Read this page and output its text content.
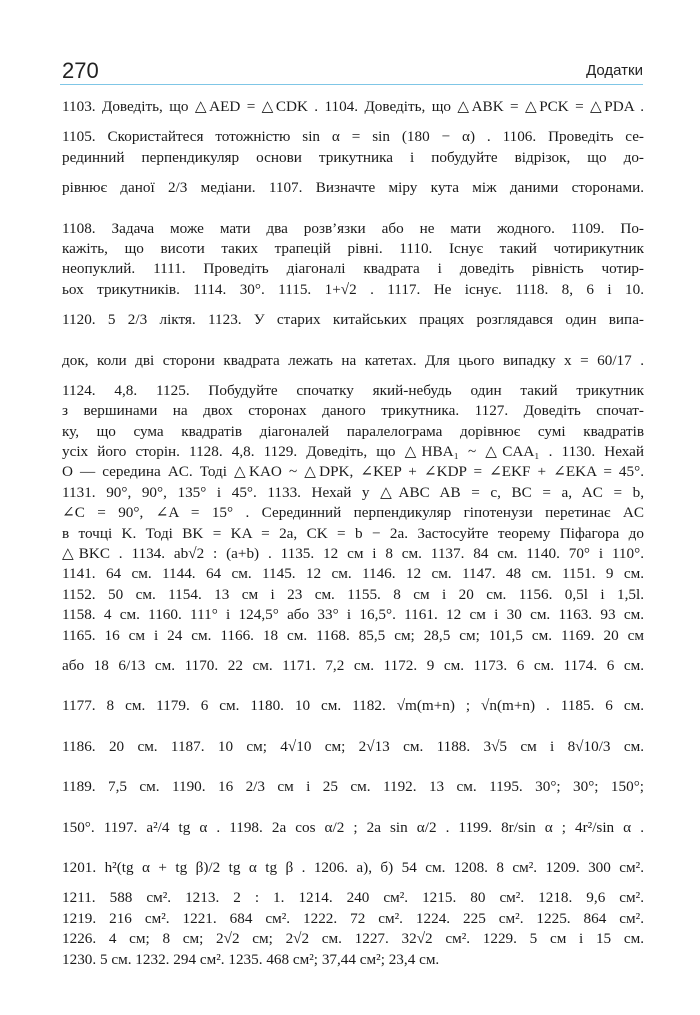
270	Додатки
1103. Доведіть, що △AED = △CDK . 1104. Доведіть, що △ABK = △PCK = △PDA .
1105. Скористайтеся тотожністю sin α = sin (180 − α) . 1106. Проведіть се-
рединний перпендикуляр основи трикутника і побудуйте відрізок, що до-
рівнює даної 2/3 медіани. 1107. Визначте міру кута між даними сторонами.
1108. Задача може мати два розв’язки або не мати жодного. 1109. По-
кажіть, що висоти таких трапецій рівні. 1110. Існує такий чотирикутник
неопуклий. 1111. Проведіть діагоналі квадрата і доведіть рівність чотир-
ьох трикутників. 1114. 30°. 1115. 1+√2 . 1117. Не існує. 1118. 8, 6 і 10.
1120. 5 2/3 ліктя. 1123. У старих китайських працях розглядався один випа-
док, коли дві сторони квадрата лежать на катетах. Для цього випадку x = 60/17 .
1124. 4,8. 1125. Побудуйте спочатку який-небудь один такий трикутник
з вершинами на двох сторонах даного трикутника. 1127. Доведіть спочат-
ку, що сума квадратів діагоналей паралелограма дорівнює сумі квадратів
усіх його сторін. 1128. 4,8. 1129. Доведіть, що △HBA₁ ~ △CAA₁ . 1130. Нехай
O — середина AC. Тоді △KAO ~ △DPK, ∠KEP + ∠KDP = ∠EKF + ∠EKA = 45°.
1131. 90°, 90°, 135° і 45°. 1133. Нехай у △ABC AB = c, BC = a, AC = b,
∠C = 90°, ∠A = 15° . Серединний перпендикуляр гіпотенузи перетинає AC
в точці K. Тоді BK = KA = 2a, CK = b − 2a. Застосуйте теорему Піфагора до
△BKC . 1134. ab√2 : (a+b) . 1135. 12 см і 8 см. 1137. 84 см. 1140. 70° і 110°.
1141. 64 см. 1144. 64 см. 1145. 12 см. 1146. 12 см. 1147. 48 см. 1151. 9 см.
1152. 50 см. 1154. 13 см і 23 см. 1155. 8 см і 20 см. 1156. 0,5l і 1,5l.
1158. 4 см. 1160. 111° і 124,5° або 33° і 16,5°. 1161. 12 см і 30 см. 1163. 93 см.
1165. 16 см і 24 см. 1166. 18 см. 1168. 85,5 см; 28,5 см; 101,5 см. 1169. 20 см
або 18 6/13 см. 1170. 22 см. 1171. 7,2 см. 1172. 9 см. 1173. 6 см. 1174. 6 см.
1177. 8 см. 1179. 6 см. 1180. 10 см. 1182. √m(m+n) ; √n(m+n) . 1185. 6 см.
1186. 20 см. 1187. 10 см; 4√10 см; 2√13 см. 1188. 3√5 см і 8√10/3 см.
1189. 7,5 см. 1190. 16 2/3 см і 25 см. 1192. 13 см. 1195. 30°; 30°; 150°;
150°. 1197. a²/4 tg α . 1198. 2a cos α/2 ; 2a sin α/2 . 1199. 8r/sin α ; 4r²/sin α .
1201. h²(tg α + tg β)/2 tg α tg β . 1206. а), б) 54 см. 1208. 8 см². 1209. 300 см².
1211. 588 см². 1213. 2 : 1. 1214. 240 см². 1215. 80 см². 1218. 9,6 см².
1219. 216 см². 1221. 684 см². 1222. 72 см². 1224. 225 см². 1225. 864 см².
1226. 4 см; 8 см; 2√2 см; 2√2 см. 1227. 32√2 см². 1229. 5 см і 15 см.
1230. 5 см. 1232. 294 см². 1235. 468 см²; 37,44 см²; 23,4 см.
